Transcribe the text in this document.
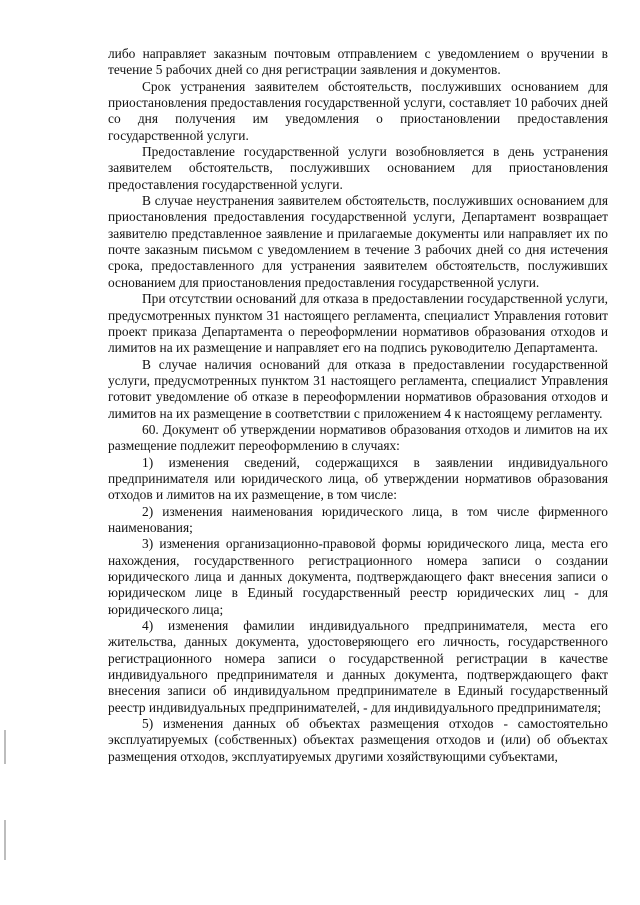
либо направляет заказным почтовым отправлением с уведомлением о вручении в течение 5 рабочих дней со дня регистрации заявления и документов.

Срок устранения заявителем обстоятельств, послуживших основанием для приостановления предоставления государственной услуги, составляет 10 рабочих дней со дня получения им уведомления о приостановлении предоставления государственной услуги.

Предоставление государственной услуги возобновляется в день устранения заявителем обстоятельств, послуживших основанием для приостановления предоставления государственной услуги.

В случае неустранения заявителем обстоятельств, послуживших основанием для приостановления предоставления государственной услуги, Департамент возвращает заявителю представленное заявление и прилагаемые документы или направляет их по почте заказным письмом с уведомлением в течение 3 рабочих дней со дня истечения срока, предоставленного для устранения заявителем обстоятельств, послуживших основанием для приостановления предоставления государственной услуги.

При отсутствии оснований для отказа в предоставлении государственной услуги, предусмотренных пунктом 31 настоящего регламента, специалист Управления готовит проект приказа Департамента о переоформлении нормативов образования отходов и лимитов на их размещение и направляет его на подпись руководителю Департамента.

В случае наличия оснований для отказа в предоставлении государственной услуги, предусмотренных пунктом 31 настоящего регламента, специалист Управления готовит уведомление об отказе в переоформлении нормативов образования отходов и лимитов на их размещение в соответствии с приложением 4 к настоящему регламенту.

60. Документ об утверждении нормативов образования отходов и лимитов на их размещение подлежит переоформлению в случаях:

1) изменения сведений, содержащихся в заявлении индивидуального предпринимателя или юридического лица, об утверждении нормативов образования отходов и лимитов на их размещение, в том числе:

2) изменения наименования юридического лица, в том числе фирменного наименования;

3) изменения организационно-правовой формы юридического лица, места его нахождения, государственного регистрационного номера записи о создании юридического лица и данных документа, подтверждающего факт внесения записи о юридическом лице в Единый государственный реестр юридических лиц - для юридического лица;

4) изменения фамилии индивидуального предпринимателя, места его жительства, данных документа, удостоверяющего его личность, государственного регистрационного номера записи о государственной регистрации в качестве индивидуального предпринимателя и данных документа, подтверждающего факт внесения записи об индивидуальном предпринимателе в Единый государственный реестр индивидуальных предпринимателей, - для индивидуального предпринимателя;

5) изменения данных об объектах размещения отходов - самостоятельно эксплуатируемых (собственных) объектах размещения отходов и (или) об объектах размещения отходов, эксплуатируемых другими хозяйствующими субъектами,
